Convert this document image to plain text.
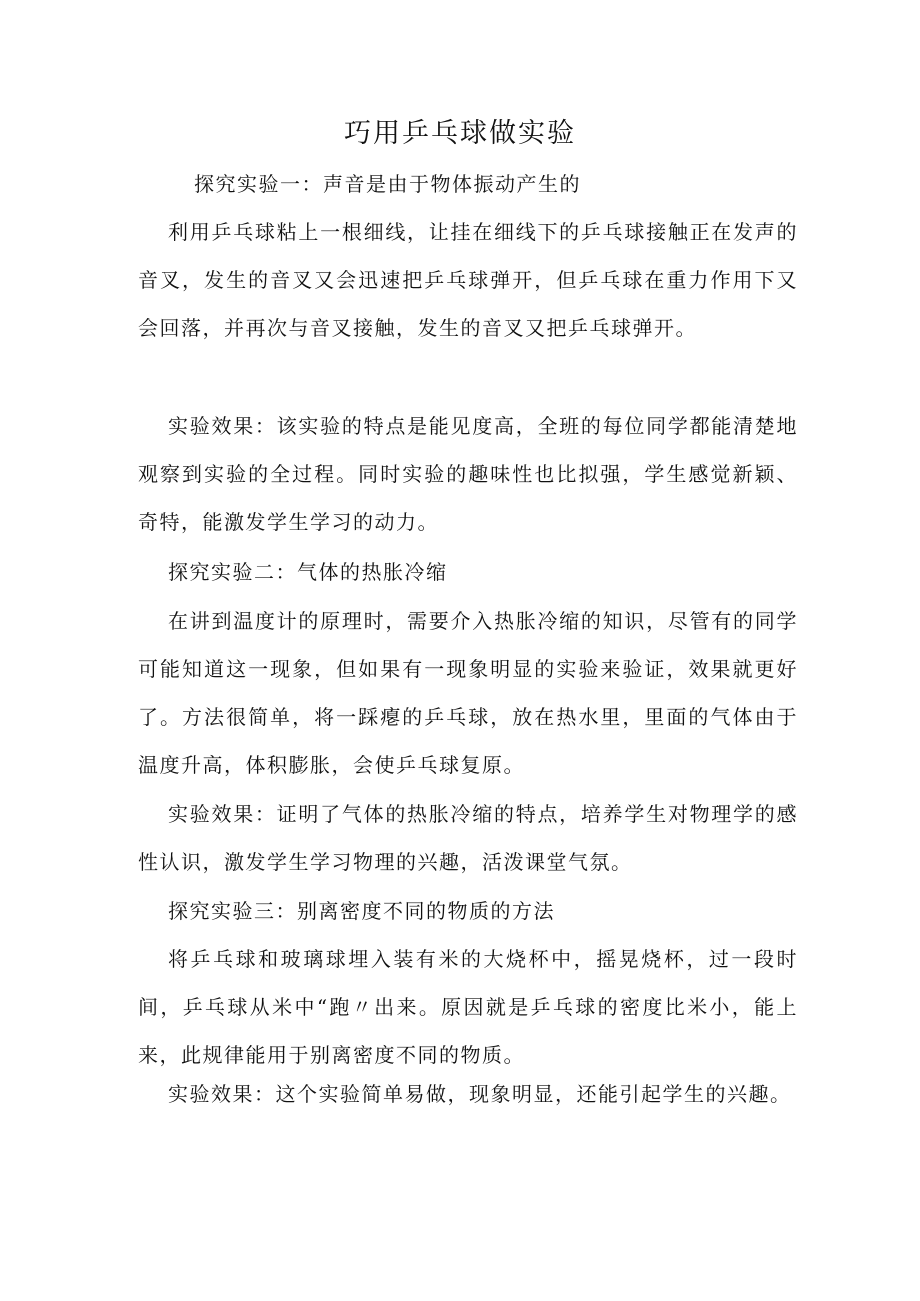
巧用乒乓球做实验

探究实验一：声音是由于物体振动产生的

利用乒乓球粘上一根细线，让挂在细线下的乒乓球接触正在发声的音叉，发生的音叉又会迅速把乒乓球弹开，但乒乓球在重力作用下又会回落，并再次与音叉接触，发生的音叉又把乒乓球弹开。

实验效果：该实验的特点是能见度高，全班的每位同学都能清楚地观察到实验的全过程。同时实验的趣味性也比拟强，学生感觉新颖、奇特，能激发学生学习的动力。

探究实验二：气体的热胀冷缩

在讲到温度计的原理时，需要介入热胀冷缩的知识，尽管有的同学可能知道这一现象，但如果有一现象明显的实验来验证，效果就更好了。方法很简单，将一踩瘪的乒乓球，放在热水里，里面的气体由于温度升高，体积膨胀，会使乒乓球复原。

实验效果：证明了气体的热胀冷缩的特点，培养学生对物理学的感性认识，激发学生学习物理的兴趣，活泼课堂气氛。

探究实验三：别离密度不同的物质的方法

将乒乓球和玻璃球埋入装有米的大烧杯中，摇晃烧杯，过一段时间，乒乓球从米中“跑〃出来。原因就是乒乓球的密度比米小，能上来，此规律能用于别离密度不同的物质。

实验效果：这个实验简单易做，现象明显，还能引起学生的兴趣。
